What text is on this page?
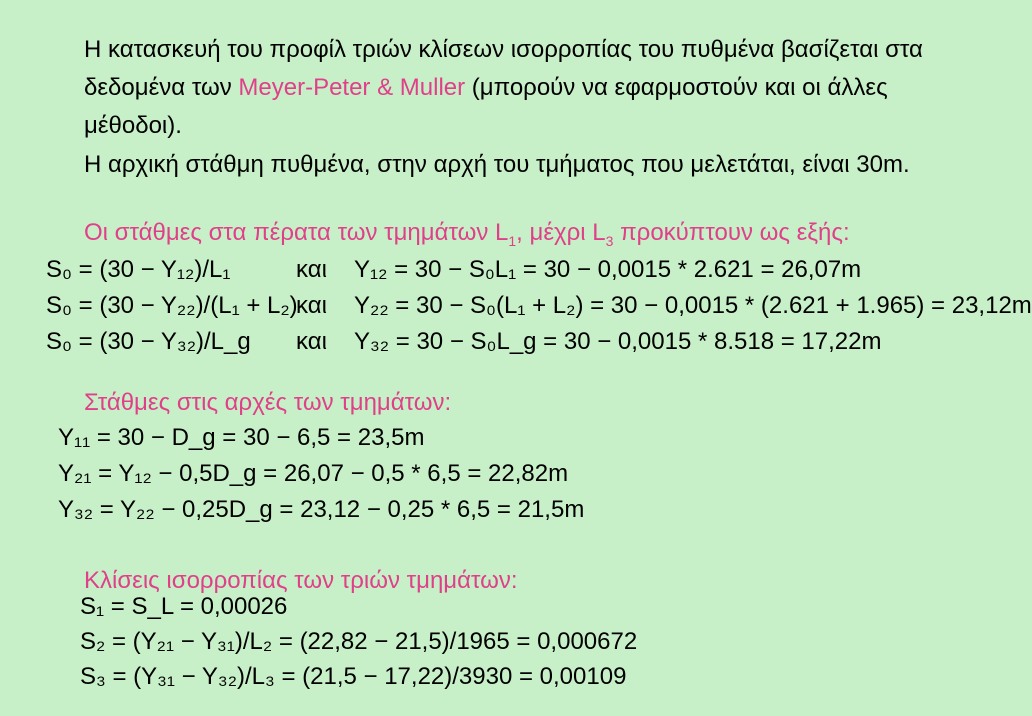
Η κατασκευή του προφίλ τριών κλίσεων ισορροπίας του πυθμένα βασίζεται στα
δεδομένα των Meyer-Peter & Muller (μπορούν να εφαρμοστούν και οι άλλες
μέθοδοι).
Η αρχική στάθμη πυθμένα, στην αρχή του τμήματος που μελετάται, είναι 30m.
Οι στάθμες στα πέρατα των τμημάτων $L_1$, μέχρι $L_3$ προκύπτουν ως εξής:
S₀ = (30 − Y₁₂)/L₁	και Y₁₂ = 30 − S₀L₁ = 30 − 0,0015 * 2.621 = 26,07m
S₀ = (30 − Y₂₂)/(L₁ + L₂)
και Y₂₂ = 30 − S₀(L₁ + L₂) = 30 − 0,0015 * (2.621 + 1.965) = 23,12m
S₀ = (30 − Y₃₂)/L_g και Y₃₂ = 30 − S₀L_g = 30 − 0,0015 * 8.518 = 17,22m
Στάθμες στις αρχές των τμημάτων:
Y₁₁ = 30 − D_g = 30 − 6,5 = 23,5m
Y₂₁ = Y₁₂ − 0,5D_g = 26,07 − 0,5 * 6,5 = 22,82m
Y₃₂ = Y₂₂ − 0,25D_g = 23,12 − 0,25 * 6,5 = 21,5m
Κλίσεις ισορροπίας των τριών τμημάτων:
S₁ = S_L = 0,00026
S₂ = (Y₂₁ − Y₃₁)/L₂ = (22,82 − 21,5)/1965 = 0,000672
S₃ = (Y₃₁ − Y₃₂)/L₃ = (21,5 − 17,22)/3930 = 0,00109
